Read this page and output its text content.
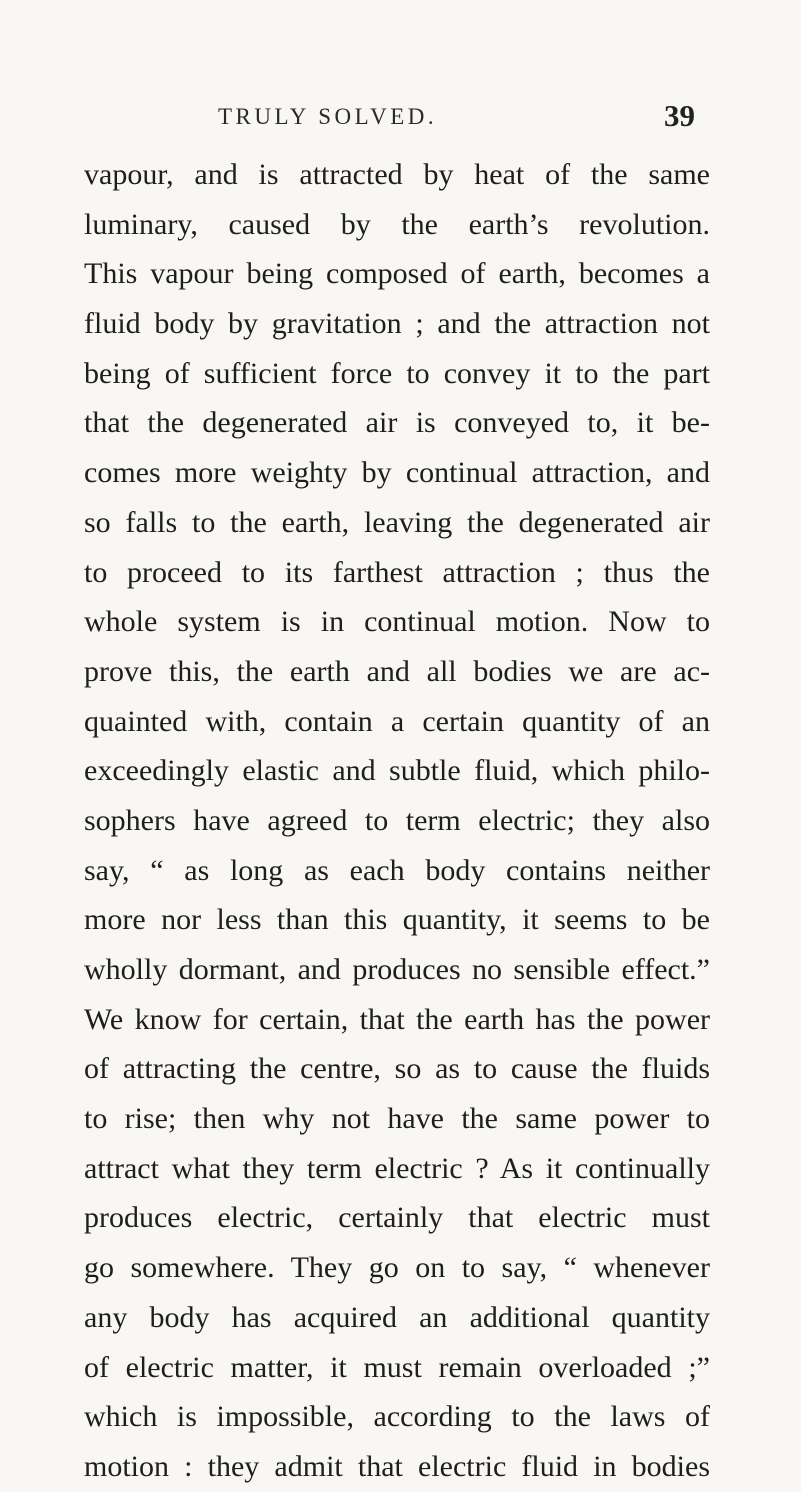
TRULY SOLVED.	39
vapour, and is attracted by heat of the same
luminary, caused by the earth’s revolution.
This vapour being composed of earth, becomes a
fluid body by gravitation ; and the attraction not
being of sufficient force to convey it to the part
that the degenerated air is conveyed to, it be-
comes more weighty by continual attraction, and
so falls to the earth, leaving the degenerated air
to proceed to its farthest attraction ; thus the
whole system is in continual motion. Now to
prove this, the earth and all bodies we are ac-
quainted with, contain a certain quantity of an
exceedingly elastic and subtle fluid, which philo-
sophers have agreed to term electric; they also
say, “ as long as each body contains neither
more nor less than this quantity, it seems to be
wholly dormant, and produces no sensible effect.”
We know for certain, that the earth has the power
of attracting the centre, so as to cause the fluids
to rise; then why not have the same power to
attract what they term electric ? As it continually
produces electric, certainly that electric must
go somewhere. They go on to say, “ whenever
any body has acquired an additional quantity
of electric matter, it must remain overloaded ;”
which is impossible, according to the laws of
motion : they admit that electric fluid in bodies
